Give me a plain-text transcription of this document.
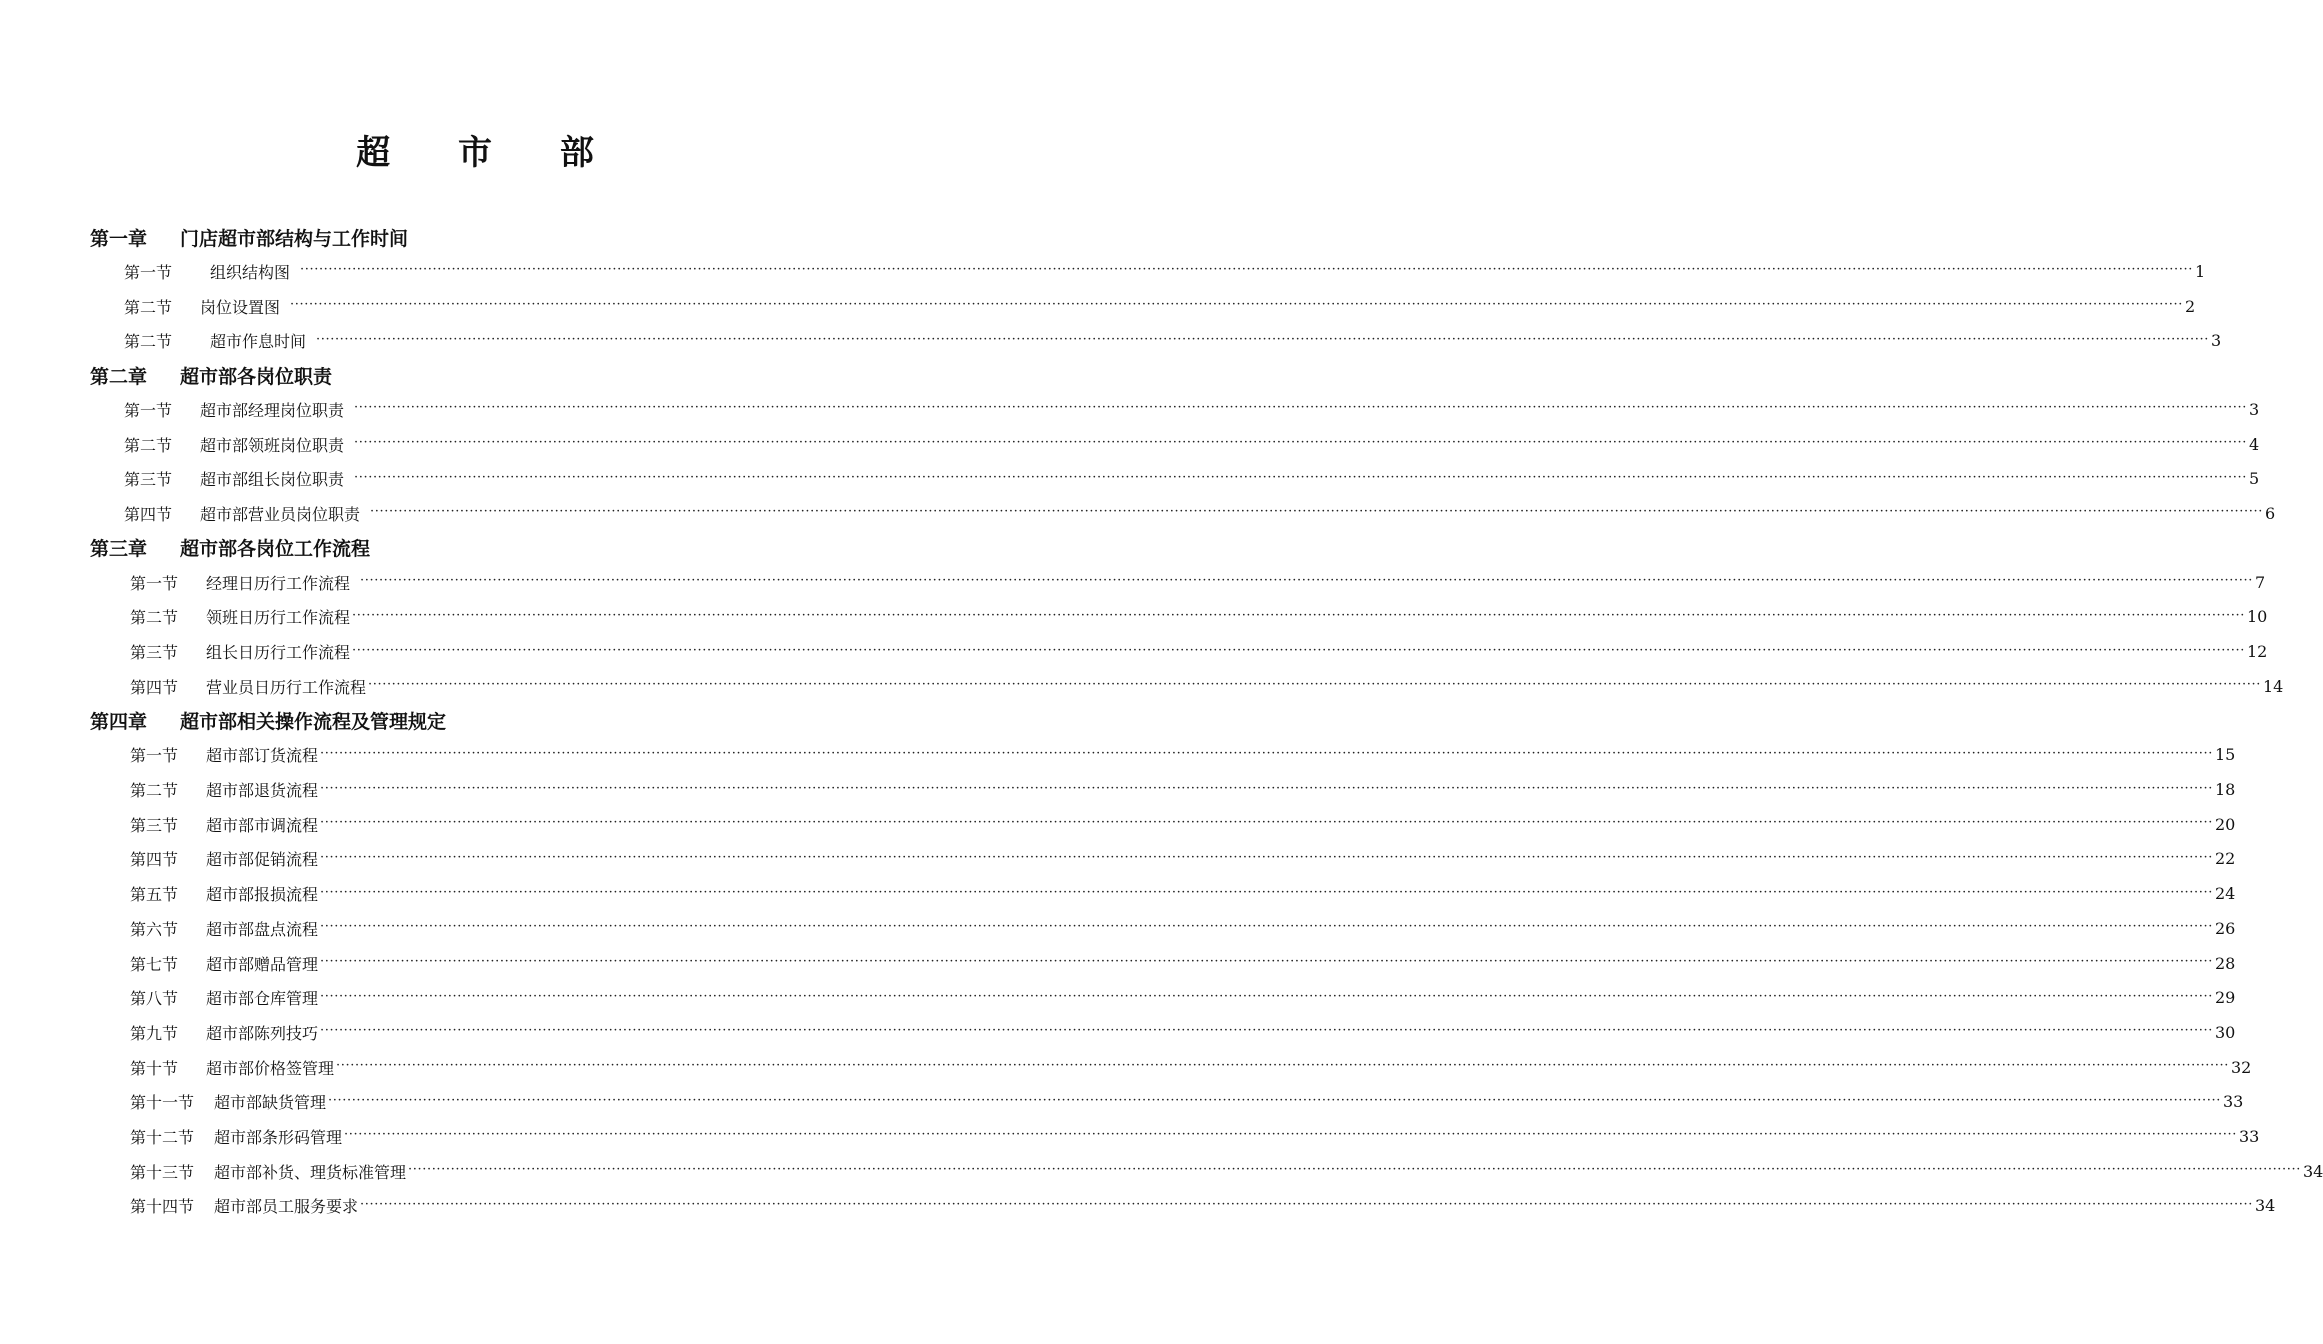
超 市 部
第一章	门店超市部结构与工作时间
第一节	组织结构图 ················································································································································································································································································································································································································ 1
第二节	岗位设置图 ················································································································································································································································································································································································································ 2
第二节	超市作息时间 ················································································································································································································································································································································································································ 3
第二章	超市部各岗位职责
第一节	超市部经理岗位职责 ················································································································································································································································································································································································································ 3
第二节	超市部领班岗位职责 ················································································································································································································································································································································································································ 4
第三节	超市部组长岗位职责 ················································································································································································································································································································································································································ 5
第四节	超市部营业员岗位职责 ················································································································································································································································································································································································································ 6
第三章	超市部各岗位工作流程
第一节	经理日历行工作流程 ················································································································································································································································································································································································································ 7
第二节	领班日历行工作流程 ················································································································································································································································································································································································································ 10
第三节	组长日历行工作流程 ················································································································································································································································································································································································································ 12
第四节	营业员日历行工作流程 ················································································································································································································································································································································································································ 14
第四章	超市部相关操作流程及管理规定
第一节	超市部订货流程 ················································································································································································································································································································································································································ 15
第二节	超市部退货流程 ················································································································································································································································································································································································································ 18
第三节	超市部市调流程 ················································································································································································································································································································································································································ 20
第四节	超市部促销流程 ················································································································································································································································································································································································································ 22
第五节	超市部报损流程 ················································································································································································································································································································································································································ 24
第六节	超市部盘点流程 ················································································································································································································································································································································································································ 26
第七节	超市部赠品管理 ················································································································································································································································································································································································································ 28
第八节	超市部仓库管理 ················································································································································································································································································································································································································ 29
第九节	超市部陈列技巧 ················································································································································································································································································································································································································ 30
第十节	超市部价格签管理 ················································································································································································································································································································································································································ 32
第十一节 超市部缺货管理 ················································································································································································································································································································································································································ 33
第十二节 超市部条形码管理 ················································································································································································································································································································································································································ 33
第十三节 超市部补货、理货标准管理 ················································································································································································································································································································································································································ 34
第十四节 超市部员工服务要求 ················································································································································································································································································································································································································ 34
